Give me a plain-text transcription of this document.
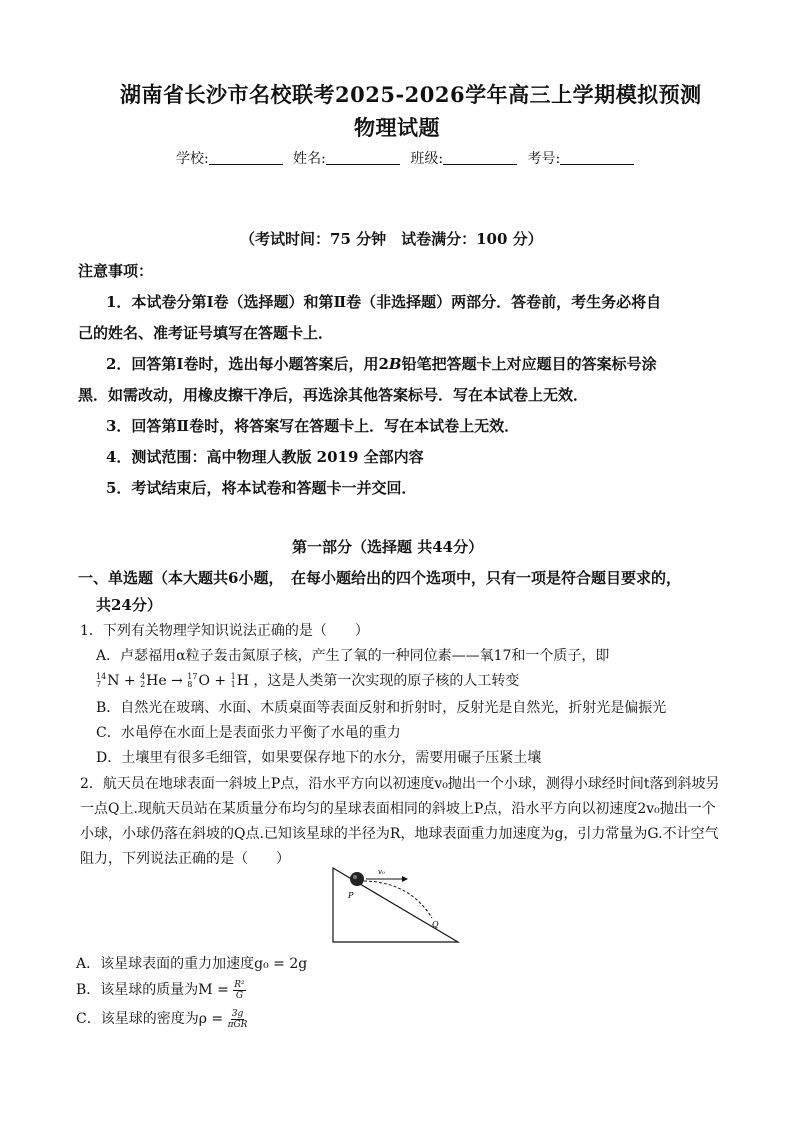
湖南省长沙市名校联考2025-2026学年高三上学期模拟预测
物理试题
学校:	姓名:	班级:	考号:
（考试时间：75 分钟　试卷满分：100 分）
注意事项：
1．本试卷分第Ⅰ卷（选择题）和第Ⅱ卷（非选择题）两部分．答卷前，考生务必将自
己的姓名、准考证号填写在答题卡上．
2．回答第Ⅰ卷时，选出每小题答案后，用2B铅笔把答题卡上对应题目的答案标号涂
黑．如需改动，用橡皮擦干净后，再选涂其他答案标号．写在本试卷上无效．
3．回答第Ⅱ卷时，将答案写在答题卡上．写在本试卷上无效．
4．测试范围：高中物理人教版 2019 全部内容
5．考试结束后，将本试卷和答题卡一并交回．
第一部分（选择题 共44分）
一、单选题（本大题共6小题，　在每小题给出的四个选项中，只有一项是符合题目要求的，
共24分）
1．下列有关物理学知识说法正确的是（　　）
A．卢瑟福用α粒子轰击氮原子核，产生了氧的一种同位素——氧17和一个质子，即
14
7 N + 4
2 He → 17
8 O + 1
1 H ，这是人类第一次实现的原子核的人工转变
B．自然光在玻璃、水面、木质桌面等表面反射和折射时，反射光是自然光，折射光是偏振光
C．水黾停在水面上是表面张力平衡了水黾的重力
D．土壤里有很多毛细管，如果要保存地下的水分，需要用碾子压紧土壤
2．航天员在地球表面一斜坡上P点，沿水平方向以初速度v₀抛出一个小球，测得小球经时间t落到斜坡另
一点Q上.现航天员站在某质量分布均匀的星球表面相同的斜坡上P点，沿水平方向以初速度2v₀抛出一个
小球，小球仍落在斜坡的Q点.已知该星球的半径为R，地球表面重力加速度为g，引力常量为G.不计空气
阻力，下列说法正确的是（　　）
v₀
P
Q
A．该星球表面的重力加速度g₀ = 2g
B．该星球的质量为$M = \frac{\text{R²}}{G}$
C．该星球的密度为$\rho = \frac{3g}{\text{πGR}}$
